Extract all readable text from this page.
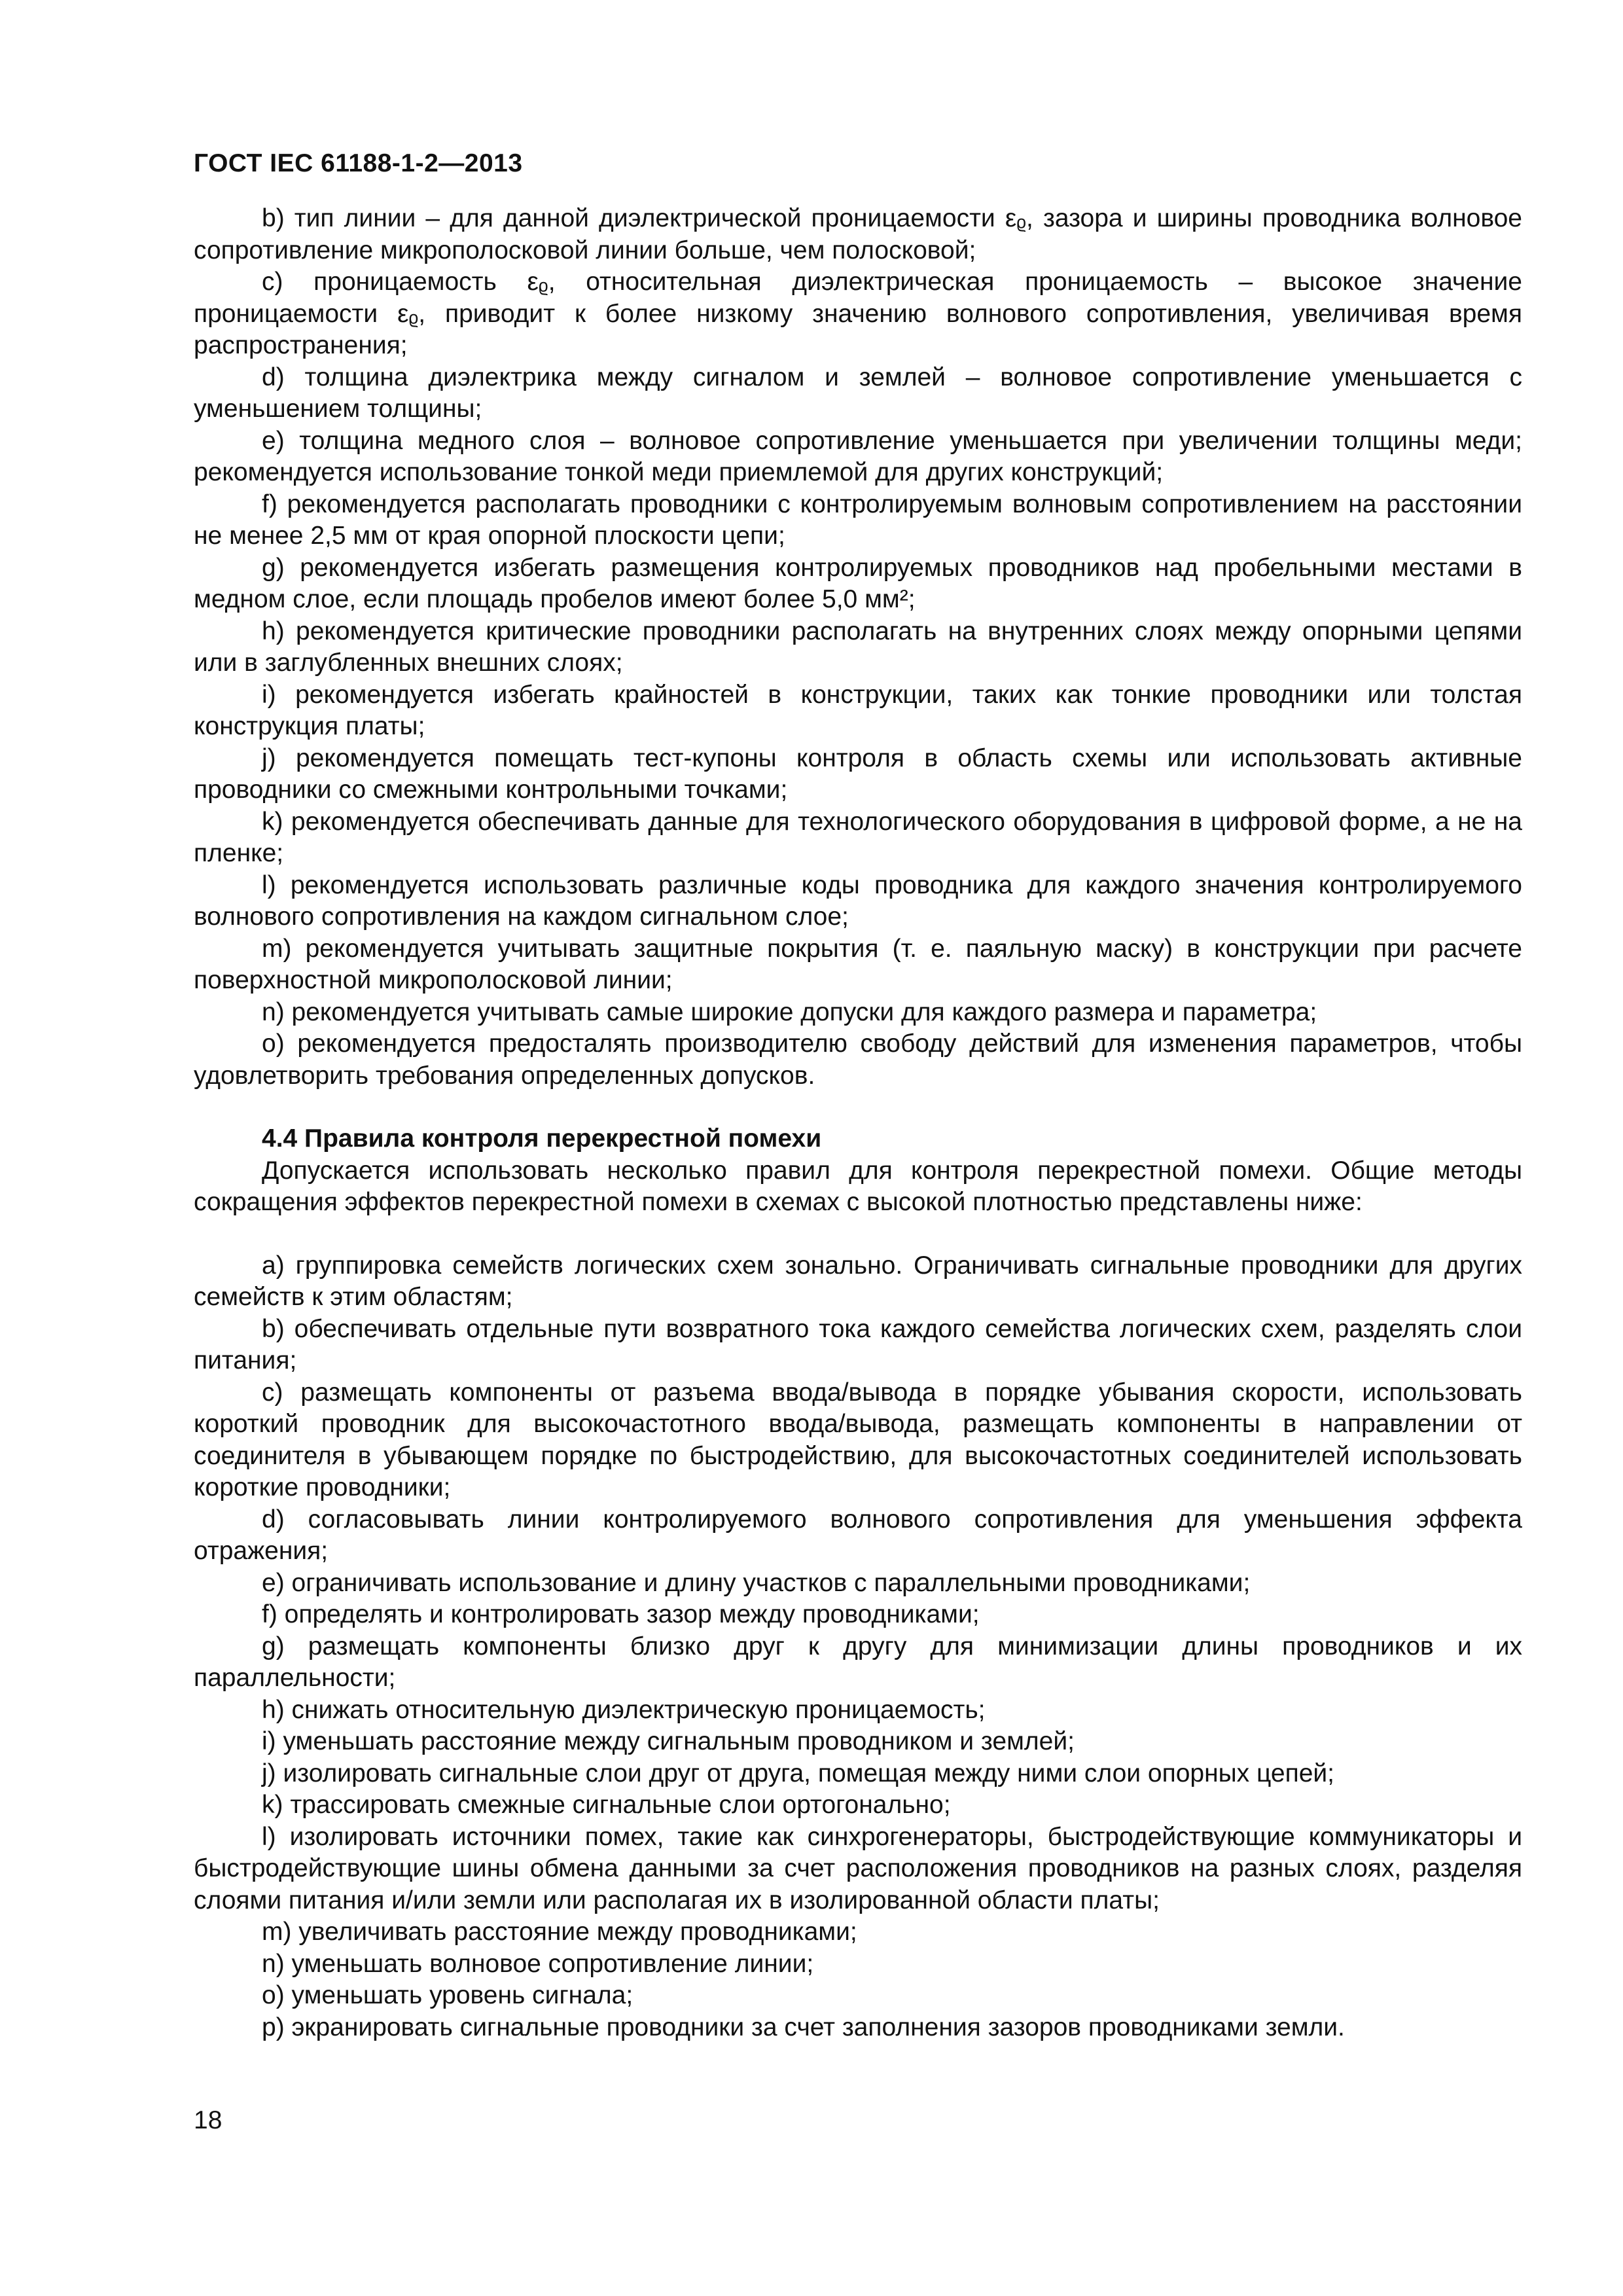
ГОСТ IEC 61188-1-2—2013

b) тип линии – для данной диэлектрической проницаемости εᵨ, зазора и ширины проводника волновое сопротивление микрополосковой линии больше, чем полосковой;

c) проницаемость εᵨ, относительная диэлектрическая проницаемость – высокое значение проницаемости εᵨ, приводит к более низкому значению волнового сопротивления, увеличивая время распространения;

d) толщина диэлектрика между сигналом и землей – волновое сопротивление уменьшается с уменьшением толщины;

e) толщина медного слоя – волновое сопротивление уменьшается при увеличении толщины меди; рекомендуется использование тонкой меди приемлемой для других конструкций;

f) рекомендуется располагать проводники с контролируемым волновым сопротивлением на расстоянии не менее 2,5 мм от края опорной плоскости цепи;

g) рекомендуется избегать размещения контролируемых проводников над пробельными местами в медном слое, если площадь пробелов имеют более 5,0 мм²;

h) рекомендуется критические проводники располагать на внутренних слоях между опорными цепями или в заглубленных внешних слоях;

i) рекомендуется избегать крайностей в конструкции, таких как тонкие проводники или толстая конструкция платы;

j) рекомендуется помещать тест-купоны контроля в область схемы или использовать активные проводники со смежными контрольными точками;

k) рекомендуется обеспечивать данные для технологического оборудования в цифровой форме, а не на пленке;

l) рекомендуется использовать различные коды проводника для каждого значения контролируемого волнового сопротивления на каждом сигнальном слое;

m) рекомендуется учитывать защитные покрытия (т. е. паяльную маску) в конструкции при расчете поверхностной микрополосковой линии;

n) рекомендуется учитывать самые широкие допуски для каждого размера и параметра;

o) рекомендуется предосталять производителю свободу действий для изменения параметров, чтобы удовлетворить требования определенных допусков.

4.4 Правила контроля перекрестной помехи

Допускается использовать несколько правил для контроля перекрестной помехи. Общие методы сокращения эффектов перекрестной помехи в схемах с высокой плотностью представлены ниже:

a) группировка семейств логических схем зонально. Ограничивать сигнальные проводники для других семейств к этим областям;

b) обеспечивать отдельные пути возвратного тока каждого семейства логических схем, разделять слои питания;

c) размещать компоненты от разъема ввода/вывода в порядке убывания скорости, использовать короткий проводник для высокочастотного ввода/вывода, размещать компоненты в направлении от соединителя в убывающем порядке по быстродействию, для высокочастотных соединителей использовать короткие проводники;

d) согласовывать линии контролируемого волнового сопротивления для уменьшения эффекта отражения;

e) ограничивать использование и длину участков с параллельными проводниками;

f) определять и контролировать зазор между проводниками;

g) размещать компоненты близко друг к другу для минимизации длины проводников и их параллельности;

h) снижать относительную диэлектрическую проницаемость;

i) уменьшать расстояние между сигнальным проводником и землей;

j) изолировать сигнальные слои друг от друга, помещая между ними слои опорных цепей;

k) трассировать смежные сигнальные слои ортогонально;

l) изолировать источники помех, такие как синхрогенераторы, быстродействующие коммуникаторы и быстродействующие шины обмена данными за счет расположения проводников на разных слоях, разделяя слоями питания и/или земли или располагая их в изолированной области платы;

m) увеличивать расстояние между проводниками;

n) уменьшать волновое сопротивление линии;

o) уменьшать уровень сигнала;

p) экранировать сигнальные проводники за счет заполнения зазоров проводниками земли.

18
